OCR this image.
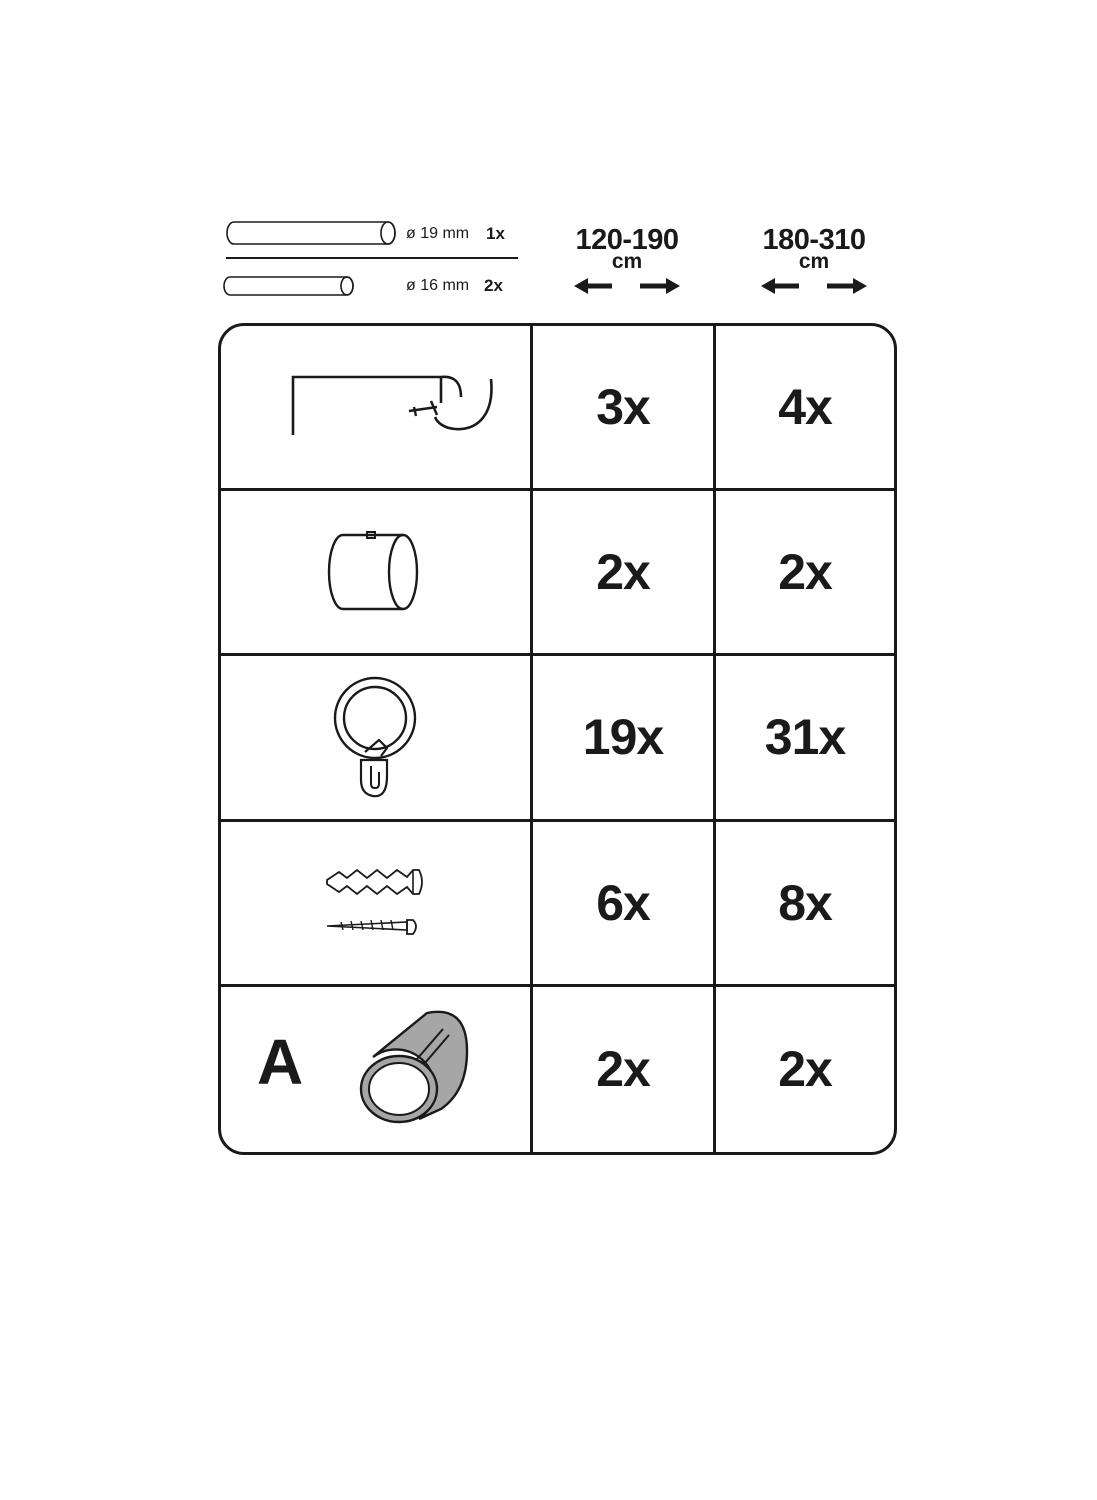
ø 19 mm 1x
ø 16 mm 2x
120-190
cm
180-310
cm
3x	4x
2x	2x
19x 31x
6x	8x
A	2x	2x
